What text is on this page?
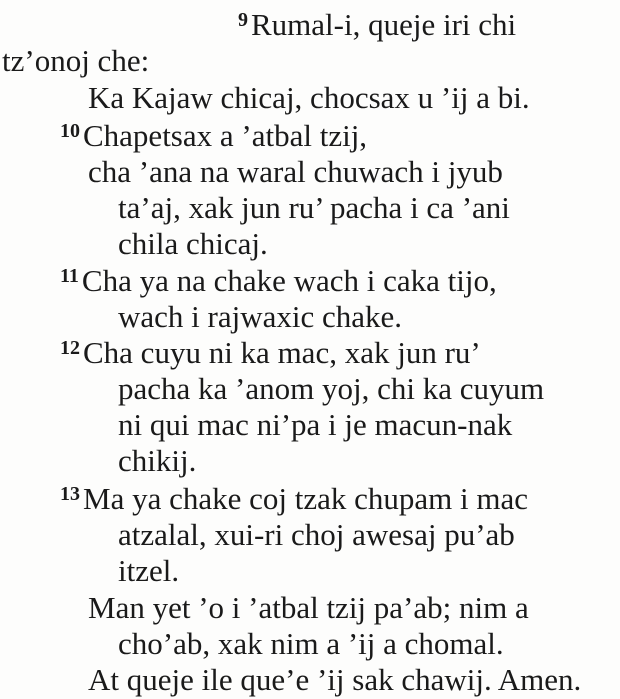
$^9$Rumal-i, queje iri chi
tz’onoj che:
Ka Kajaw chicaj, chocsax u ’ij a bi.
$^{10}$Chapetsax a ’atbal tzij,
cha ’ana na waral chuwach i jyub
ta’aj, xak jun ru’ pacha i ca ’ani
chila chicaj.
$^{11}$Cha ya na chake wach i caka tijo,
wach i rajwaxic chake.
$^{12}$Cha cuyu ni ka mac, xak jun ru’
pacha ka ’anom yoj, chi ka cuyum
ni qui mac ni’pa i je macun-nak
chikij.
$^{13}$Ma ya chake coj tzak chupam i mac
atzalal, xui-ri choj awesaj pu’ab
itzel.
Man yet ’o i ’atbal tzij pa’ab; nim a
cho’ab, xak nim a ’ij a chomal.
At queje ile que’e ’ij sak chawij. Amen.
